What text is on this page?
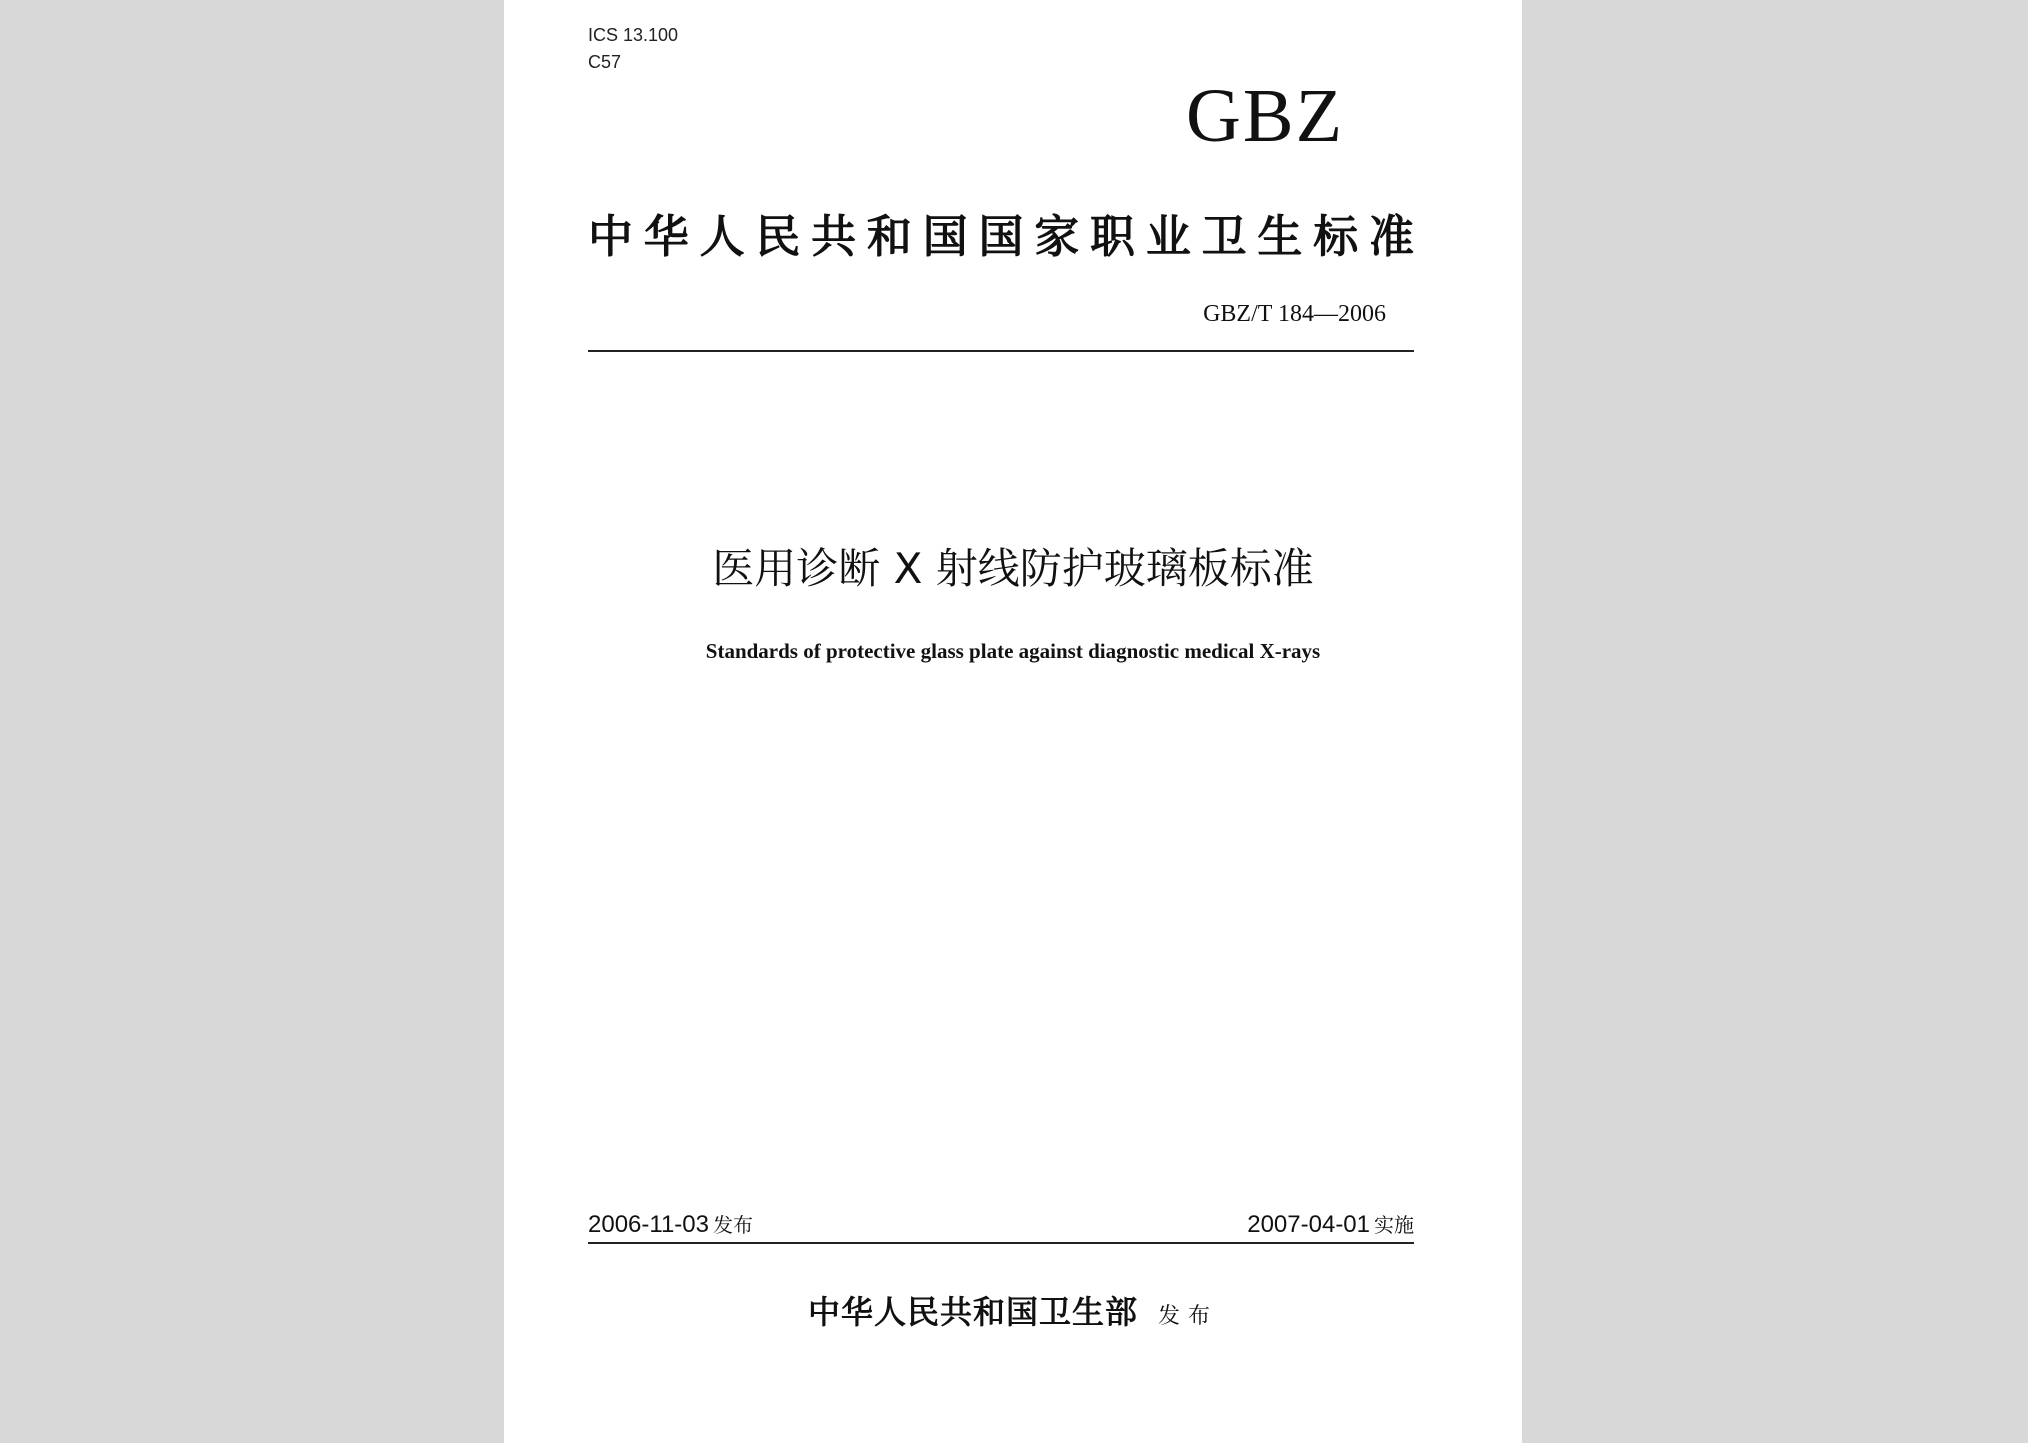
ICS 13.100
C57
GBZ
中华人民共和国国家职业卫生标准
GBZ/T 184—2006
医用诊断 X 射线防护玻璃板标准
Standards of protective glass plate against diagnostic medical X-rays
2006-11-03 发布	2007-04-01 实施
中华人民共和国卫生部 发布
